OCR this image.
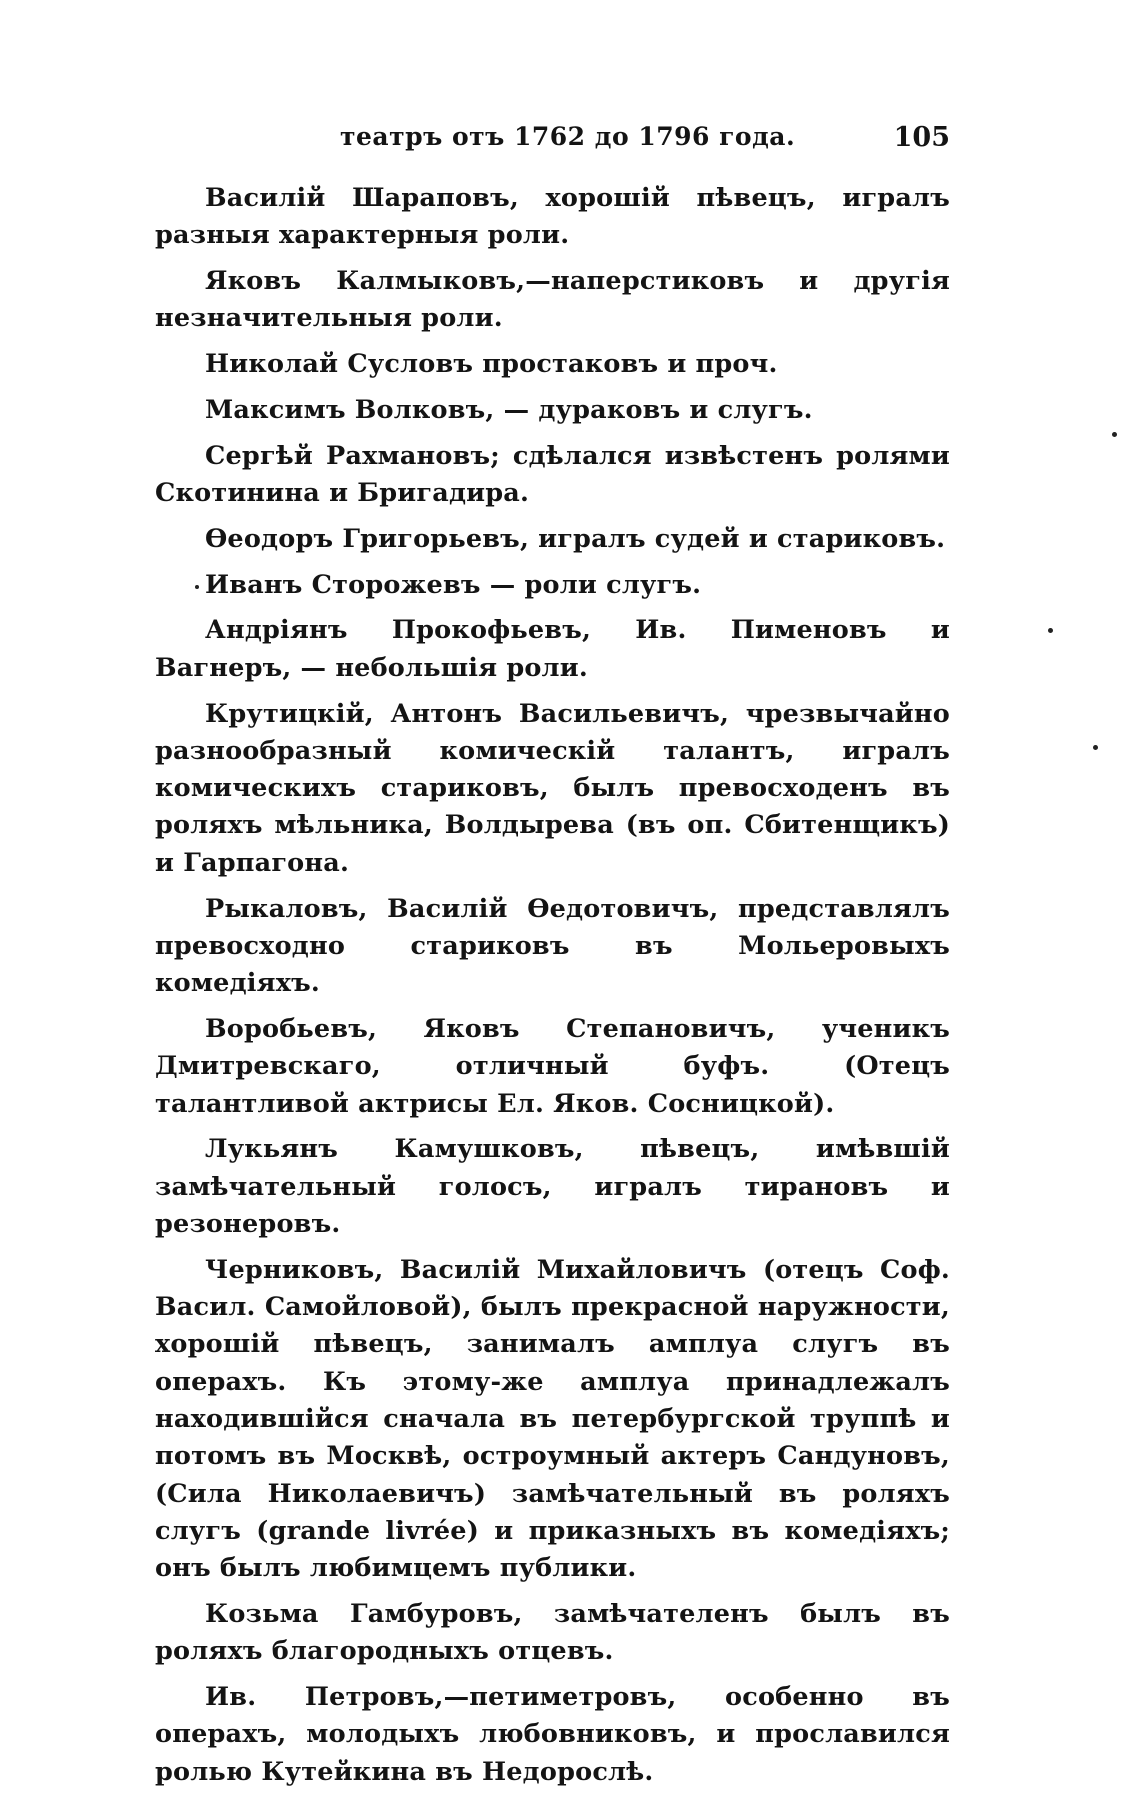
театръ отъ 1762 до 1796 года.	105

Василій Шараповъ, хорошій пѣвецъ, игралъ разныя характерныя роли.

Яковъ Калмыковъ,—наперстиковъ и другія незначительныя роли.

Николай Сусловъ простаковъ и проч.

Максимъ Волковъ, — дураковъ и слугъ.

Сергѣй Рахмановъ; сдѣлался извѣстенъ ролями Скотинина и Бригадира.

Ѳеодоръ Григорьевъ, игралъ судей и стариковъ.

Иванъ Сторожевъ — роли слугъ.

Андріянъ Прокофьевъ, Ив. Пименовъ и Вагнеръ, — небольшія роли.

Крутицкій, Антонъ Васильевичъ, чрезвычайно разнообразный комическій талантъ, игралъ комическихъ стариковъ, былъ превосходенъ въ роляхъ мѣльника, Волдырева (въ оп. Сбитенщикъ) и Гарпагона.

Рыкаловъ, Василій Ѳедотовичъ, представлялъ превосходно стариковъ въ Мольеровыхъ комедіяхъ.

Воробьевъ, Яковъ Степановичъ, ученикъ Дмитревскаго, отличный буфъ. (Отецъ талантливой актрисы Ел. Яков. Сосницкой).

Лукьянъ Камушковъ, пѣвецъ, имѣвшій замѣчательный голосъ, игралъ тирановъ и резонеровъ.

Черниковъ, Василій Михайловичъ (отецъ Соф. Васил. Самойловой), былъ прекрасной наружности, хорошій пѣвецъ, занималъ амплуа слугъ въ операхъ. Къ этому-же амплуа принадлежалъ находившійся сначала въ петербургской труппѣ и потомъ въ Москвѣ, остроумный актеръ Сандуновъ, (Сила Николаевичъ) замѣчательный въ роляхъ слугъ (grande livrée) и приказныхъ въ комедіяхъ; онъ былъ любимцемъ публики.

Козьма Гамбуровъ, замѣчателенъ былъ въ роляхъ благородныхъ отцевъ.

Ив. Петровъ,—петиметровъ, особенно въ операхъ, молодыхъ любовниковъ, и прославился ролью Кутейкина въ Недорослѣ.
